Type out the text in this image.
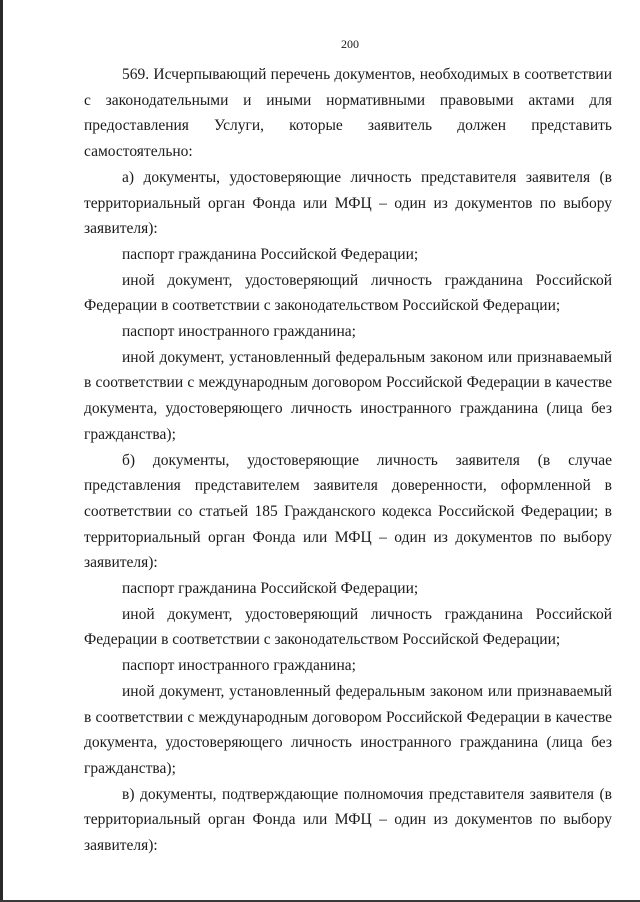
200

569. Исчерпывающий перечень документов, необходимых в соответствии с законодательными и иными нормативными правовыми актами для предоставления Услуги, которые заявитель должен представить самостоятельно:

а) документы, удостоверяющие личность представителя заявителя (в территориальный орган Фонда или МФЦ – один из документов по выбору заявителя):

паспорт гражданина Российской Федерации;

иной документ, удостоверяющий личность гражданина Российской Федерации в соответствии с законодательством Российской Федерации;

паспорт иностранного гражданина;

иной документ, установленный федеральным законом или признаваемый в соответствии с международным договором Российской Федерации в качестве документа, удостоверяющего личность иностранного гражданина (лица без гражданства);

б) документы, удостоверяющие личность заявителя (в случае представления представителем заявителя доверенности, оформленной в соответствии со статьей 185 Гражданского кодекса Российской Федерации; в территориальный орган Фонда или МФЦ – один из документов по выбору заявителя):

паспорт гражданина Российской Федерации;

иной документ, удостоверяющий личность гражданина Российской Федерации в соответствии с законодательством Российской Федерации;

паспорт иностранного гражданина;

иной документ, установленный федеральным законом или признаваемый в соответствии с международным договором Российской Федерации в качестве документа, удостоверяющего личность иностранного гражданина (лица без гражданства);

в) документы, подтверждающие полномочия представителя заявителя (в территориальный орган Фонда или МФЦ – один из документов по выбору заявителя):
